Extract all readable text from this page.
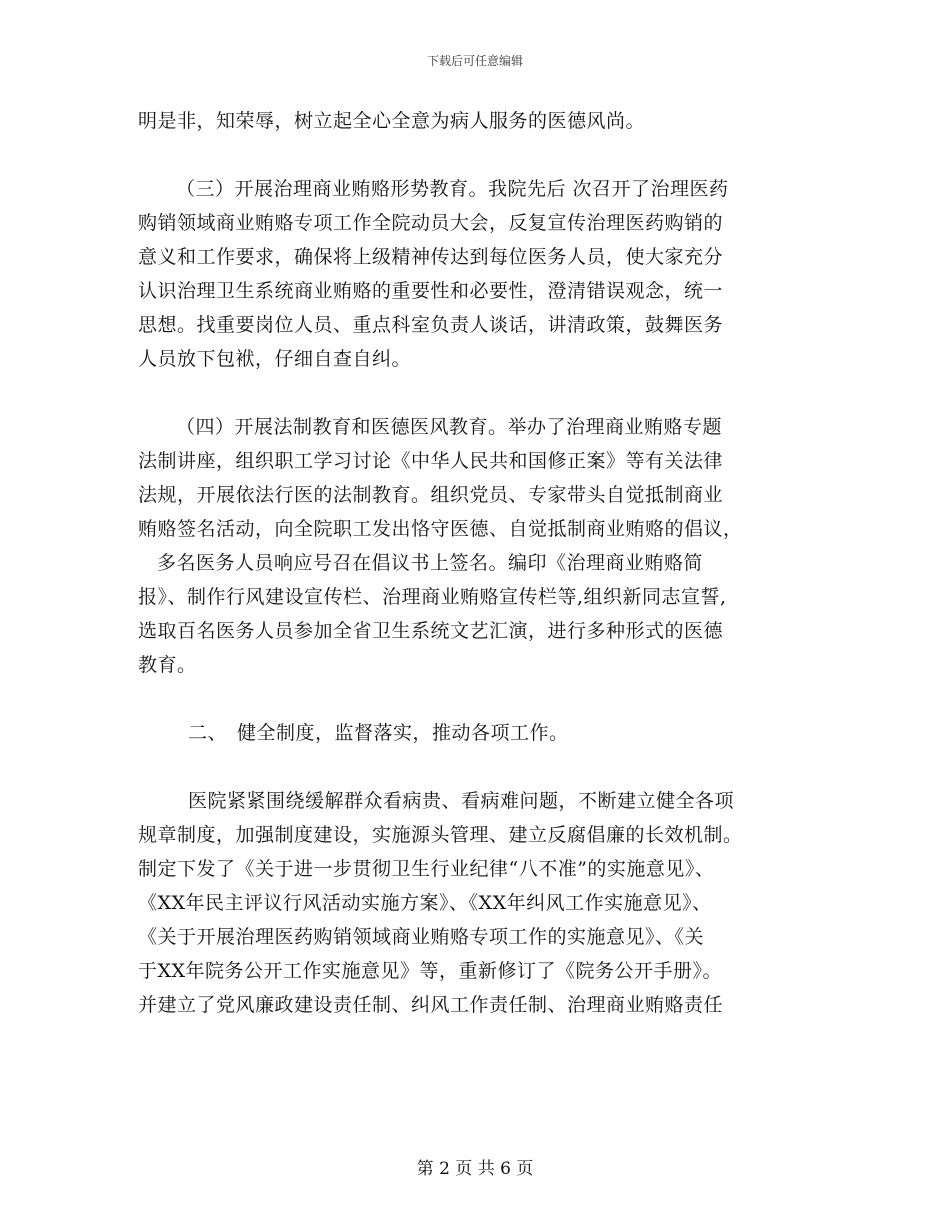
下载后可任意编辑
明是非，知荣辱，树立起全心全意为病人服务的医德风尚。
（三）开展治理商业贿赂形势教育。我院先后 次召开了治理医药
购销领域商业贿赂专项工作全院动员大会，反复宣传治理医药购销的
意义和工作要求，确保将上级精神传达到每位医务人员，使大家充分
认识治理卫生系统商业贿赂的重要性和必要性，澄清错误观念，统一
思想。找重要岗位人员、重点科室负责人谈话，讲清政策，鼓舞医务
人员放下包袱，仔细自查自纠。
（四）开展法制教育和医德医风教育。举办了治理商业贿赂专题
法制讲座，组织职工学习讨论《中华人民共和国修正案》等有关法律
法规，开展依法行医的法制教育。组织党员、专家带头自觉抵制商业
贿赂签名活动，向全院职工发出恪守医德、自觉抵制商业贿赂的倡议，
多名医务人员响应号召在倡议书上签名。编印《治理商业贿赂简
报》、制作行风建设宣传栏、治理商业贿赂宣传栏等,组织新同志宣誓,
选取百名医务人员参加全省卫生系统文艺汇演，进行多种形式的医德
教育。
二、　健全制度，监督落实，推动各项工作。
医院紧紧围绕缓解群众看病贵、看病难问题，不断建立健全各项
规章制度，加强制度建设，实施源头管理、建立反腐倡廉的长效机制。
制定下发了《关于进一步贯彻卫生行业纪律“八不准”的实施意见》、
《XX年民主评议行风活动实施方案》、《XX年纠风工作实施意见》、
《关于开展治理医药购销领域商业贿赂专项工作的实施意见》、《关
于XX年院务公开工作实施意见》等，重新修订了《院务公开手册》。
并建立了党风廉政建设责任制、纠风工作责任制、治理商业贿赂责任
第 2 页 共 6 页
